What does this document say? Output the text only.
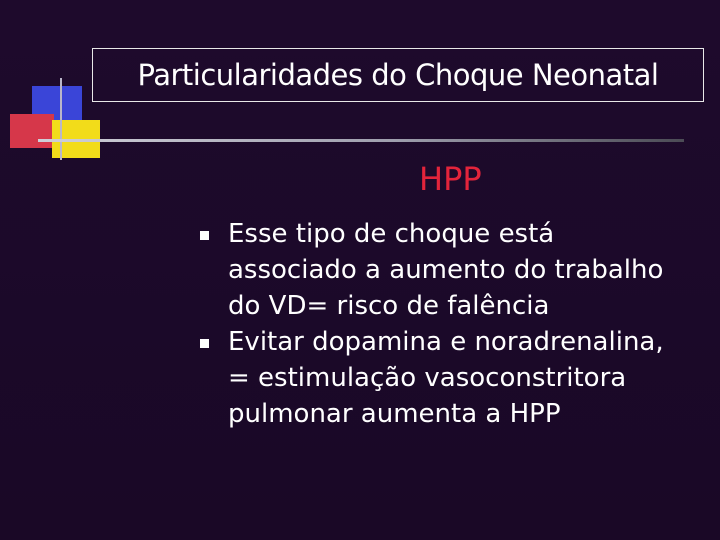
Particularidades do Choque Neonatal
HPP
Esse tipo de choque está
associado a aumento do trabalho
do VD= risco de falência
Evitar dopamina e noradrenalina,
= estimulação vasoconstritora
pulmonar aumenta a HPP
